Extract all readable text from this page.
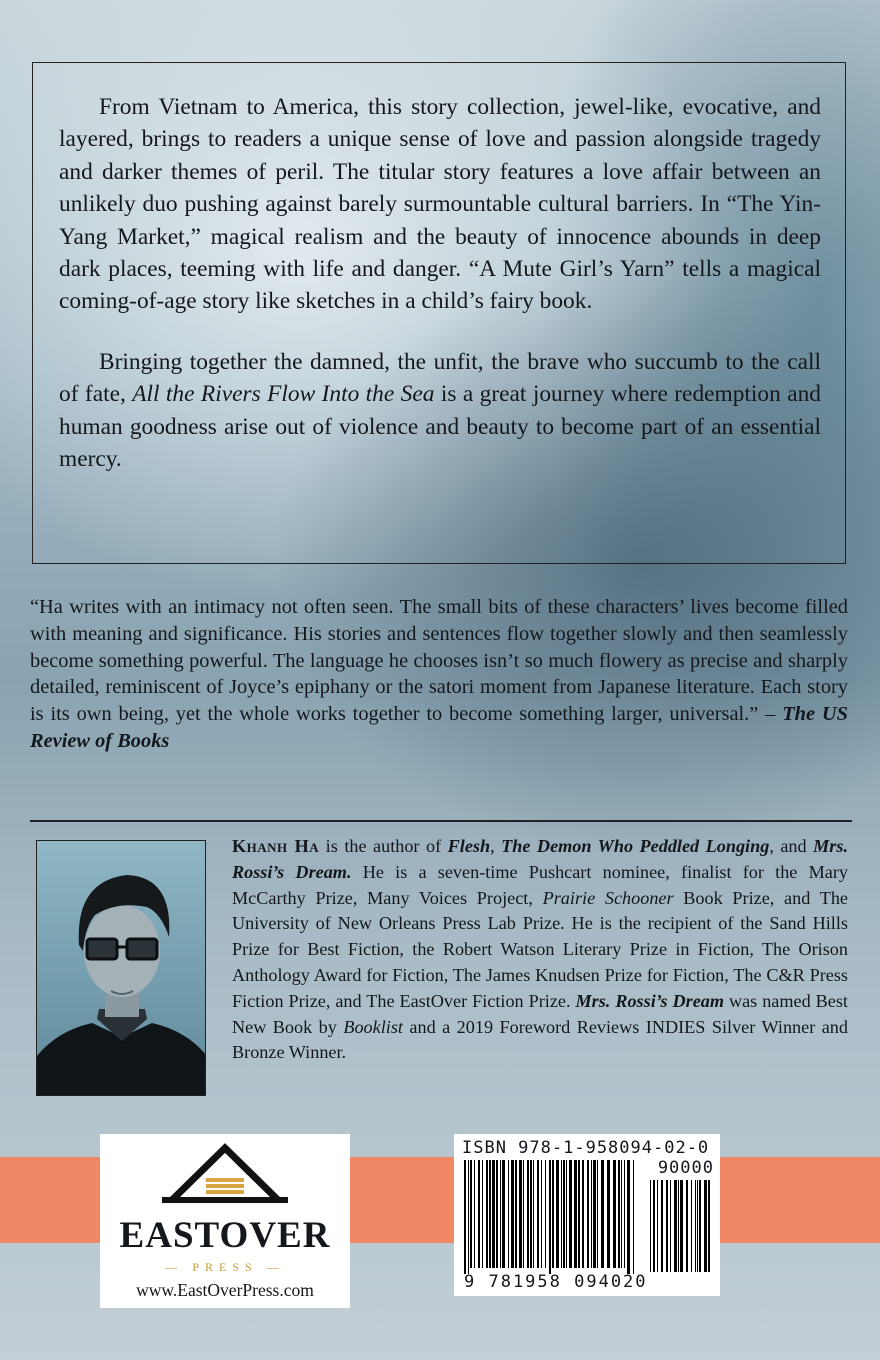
From Vietnam to America, this story collection, jewel-like, evocative, and layered, brings to readers a unique sense of love and passion alongside tragedy and darker themes of peril. The titular story features a love affair between an unlikely duo pushing against barely surmountable cultural barriers. In “The Yin-Yang Market,” magical realism and the beauty of innocence abounds in deep dark places, teeming with life and danger. “A Mute Girl’s Yarn” tells a magical coming-of-age story like sketches in a child’s fairy book.

Bringing together the damned, the unfit, the brave who succumb to the call of fate, All the Rivers Flow Into the Sea is a great journey where redemption and human goodness arise out of violence and beauty to become part of an essential mercy.

“Ha writes with an intimacy not often seen. The small bits of these characters’ lives become filled with meaning and significance. His stories and sentences flow together slowly and then seamlessly become something powerful. The language he chooses isn’t so much flowery as precise and sharply detailed, reminiscent of Joyce’s epiphany or the satori moment from Japanese literature. Each story is its own being, yet the whole works together to become something larger, universal.” – The US Review of Books

Khanh Ha is the author of Flesh, The Demon Who Peddled Longing, and Mrs. Rossi’s Dream. He is a seven-time Pushcart nominee, finalist for the Mary McCarthy Prize, Many Voices Project, Prairie Schooner Book Prize, and The University of New Orleans Press Lab Prize. He is the recipient of the Sand Hills Prize for Best Fiction, the Robert Watson Literary Prize in Fiction, The Orison Anthology Award for Fiction, The James Knudsen Prize for Fiction, The C&R Press Fiction Prize, and The EastOver Fiction Prize. Mrs. Rossi’s Dream was named Best New Book by Booklist and a 2019 Foreword Reviews INDIES Silver Winner and Bronze Winner.
EASTOVER
— PRESS —
www.EastOverPress.com
ISBN 978-1-958094-02-0
90000
9 781958 094020
